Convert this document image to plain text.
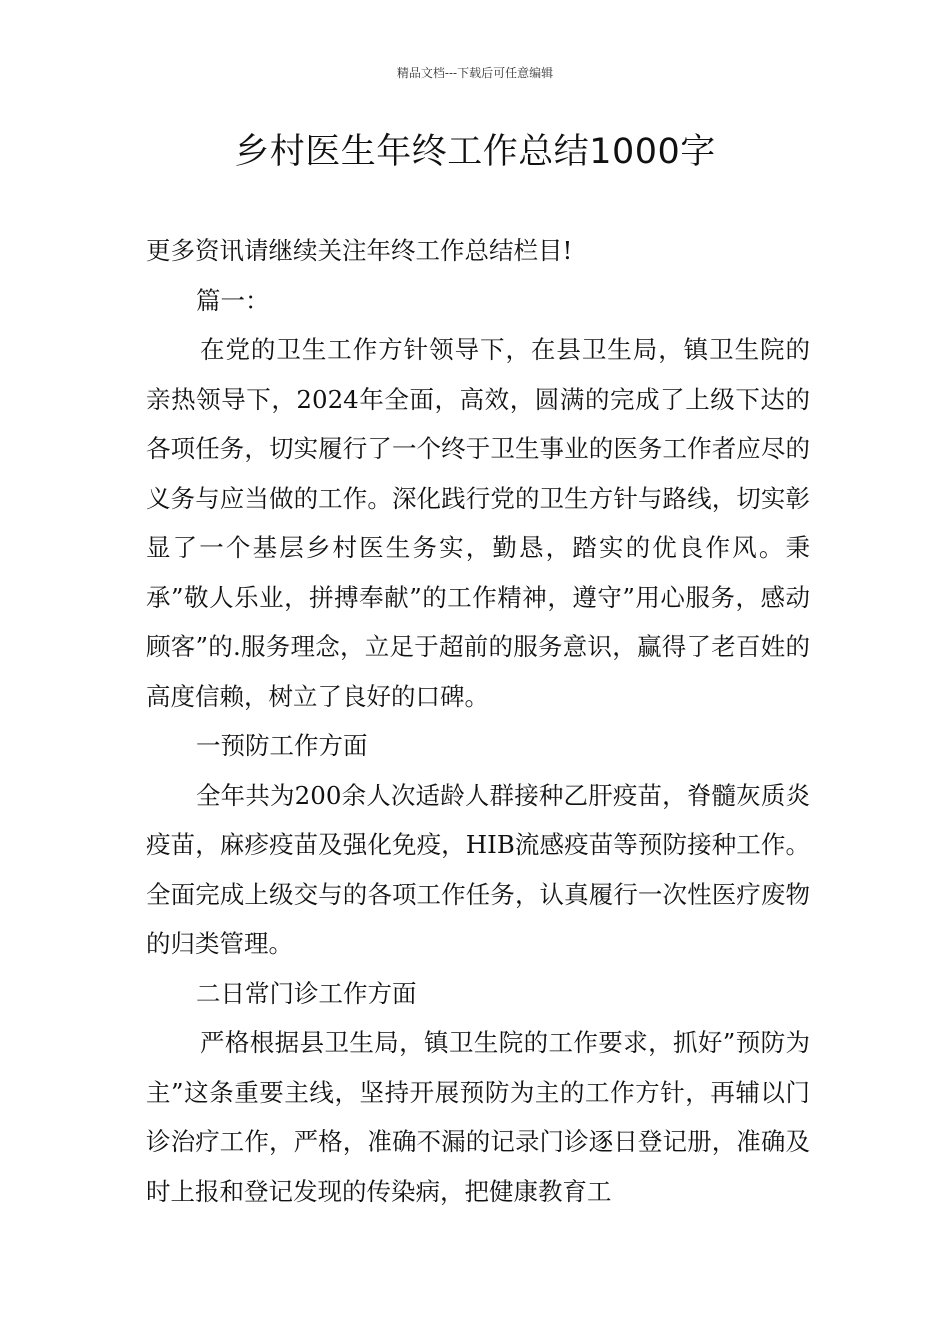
精品文档---下载后可任意编辑
乡村医生年终工作总结1000字

更多资讯请继续关注年终工作总结栏目!

篇一：

在党的卫生工作方针领导下，在县卫生局，镇卫生院的亲热领导下，2024年全面，高效，圆满的完成了上级下达的各项任务，切实履行了一个终于卫生事业的医务工作者应尽的义务与应当做的工作。深化践行党的卫生方针与路线，切实彰显了一个基层乡村医生务实，勤恳，踏实的优良作风。秉承”敬人乐业，拼搏奉献”的工作精神，遵守”用心服务，感动顾客”的.服务理念，立足于超前的服务意识，赢得了老百姓的高度信赖，树立了良好的口碑。

一预防工作方面

全年共为200余人次适龄人群接种乙肝疫苗，脊髓灰质炎疫苗，麻疹疫苗及强化免疫，HIB流感疫苗等预防接种工作。全面完成上级交与的各项工作任务，认真履行一次性医疗废物的归类管理。

二日常门诊工作方面

严格根据县卫生局，镇卫生院的工作要求，抓好”预防为主”这条重要主线，坚持开展预防为主的工作方针，再辅以门诊治疗工作，严格，准确不漏的记录门诊逐日登记册，准确及时上报和登记发现的传染病，把健康教育工
